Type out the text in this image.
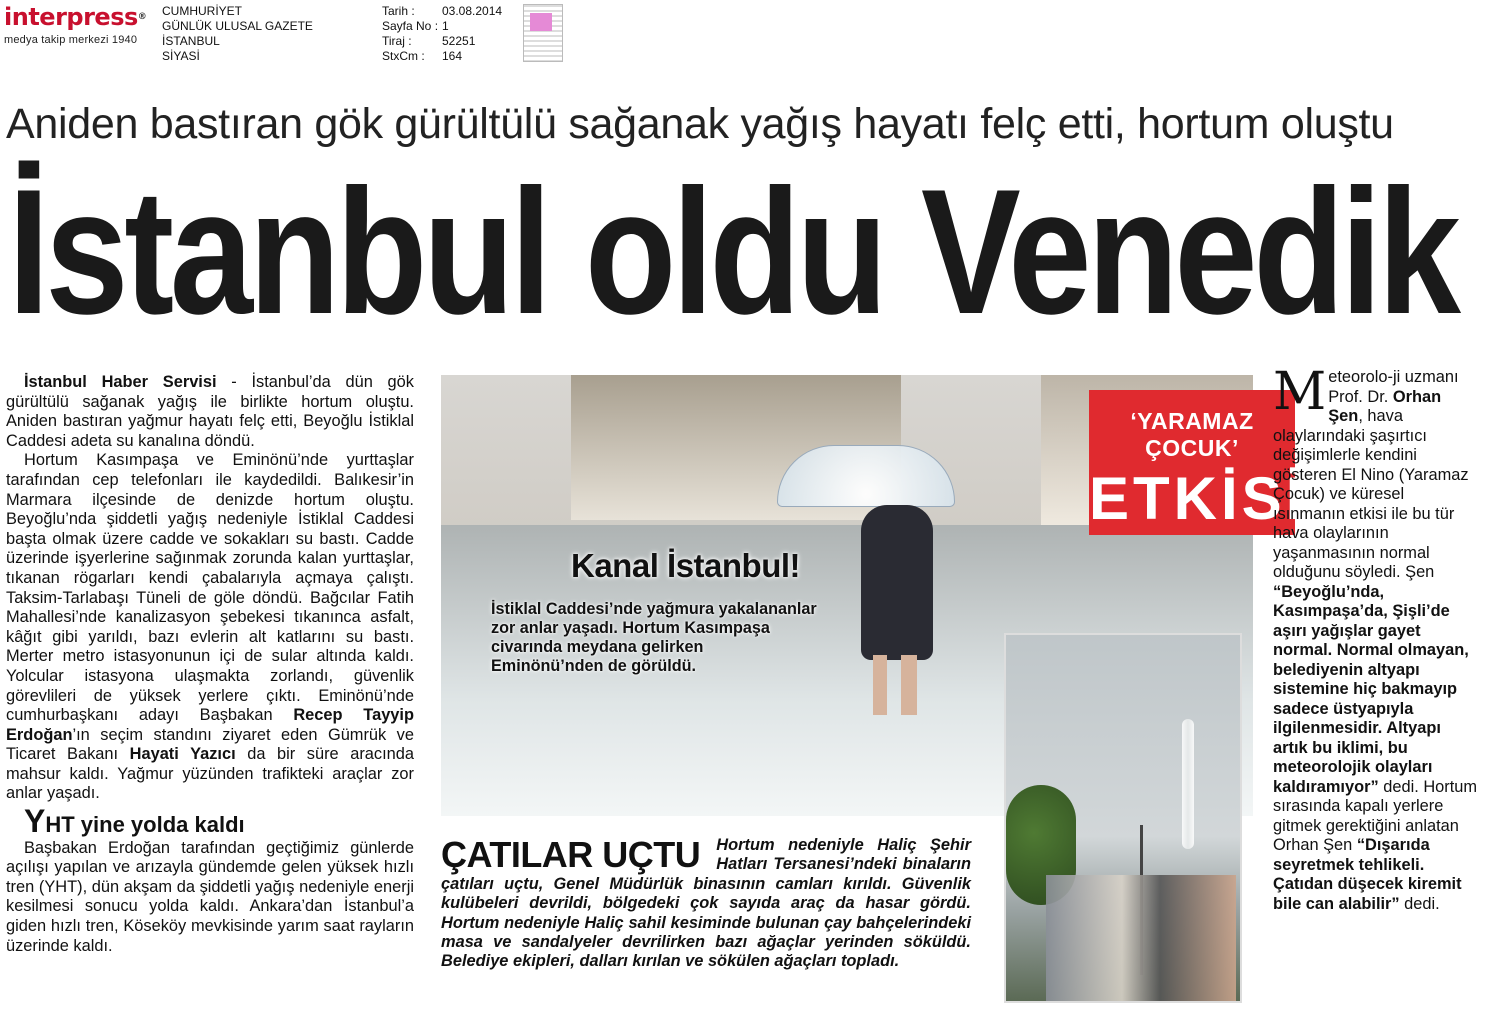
interpress®
medya takip merkezi 1940
CUMHURİYET
GÜNLÜK ULUSAL GAZETE
İSTANBUL
SİYASİ
Tarih :	03.08.2014
Sayfa No : 1
Tiraj :	52251
StxCm :	164
Aniden bastıran gök gürültülü sağanak yağış hayatı felç etti, hortum oluştu
İstanbul oldu Venedik

İstanbul Haber Servisi - İstanbul’da dün gök gürültülü sağanak yağış ile birlikte hortum oluştu. Aniden bastıran yağmur hayatı felç etti, Beyoğlu İstiklal Caddesi adeta su kanalına döndü.

Hortum Kasımpaşa ve Eminönü’nde yurttaşlar tarafından cep telefonları ile kaydedildi. Balıkesir’in Marmara ilçesinde de denizde hortum oluştu. Beyoğlu’nda şiddetli yağış nedeniyle İstiklal Caddesi başta olmak üzere cadde ve sokakları su bastı. Cadde üzerinde işyerlerine sağınmak zorunda kalan yurttaşlar, tıkanan rögarları kendi çabalarıyla açmaya çalıştı. Taksim-Tarlabaşı Tüneli de göle döndü. Bağcılar Fatih Mahallesi’nde kanalizasyon şebekesi tıkanınca asfalt, kâğıt gibi yarıldı, bazı evlerin alt katlarını su bastı. Merter metro istasyonunun içi de sular altında kaldı. Yolcular istasyona ulaşmakta zorlandı, güvenlik görevlileri de yüksek yerlere çıktı. Eminönü’nde cumhurbaşkanı adayı Başbakan Recep Tayyip Erdoğan’ın seçim standını ziyaret eden Gümrük ve Ticaret Bakanı Hayati Yazıcı da bir süre aracında mahsur kaldı. Yağmur yüzünden trafikteki araçlar zor anlar yaşadı.

YHT yine yolda kaldı

Başbakan Erdoğan tarafından geçtiğimiz günlerde açılışı yapılan ve arızayla gündemde gelen yüksek hızlı tren (YHT), dün akşam da şiddetli yağış nedeniyle enerji kesilmesi sonucu yolda kaldı. Ankara’dan İstanbul’a giden hızlı tren, Köseköy mevkisinde yarım saat rayların üzerinde kaldı.

Kanal İstanbul!
İstiklal Caddesi’nde yağmura yakalananlar zor anlar yaşadı. Hortum Kasımpaşa civarında meydana gelirken Eminönü’nden de görüldü.
‘YARAMAZ ÇOCUK’
ETKİSİ
ÇATILAR UÇTU Hortum nedeniyle Haliç Şehir Hatları Tersanesi’ndeki binaların çatıları uçtu, Genel Müdürlük binasının camları kırıldı. Güvenlik kulübeleri devrildi, bölgedeki çok sayıda araç da hasar gördü. Hortum nedeniyle Haliç sahil kesiminde bulunan çay bahçelerindeki masa ve sandalyeler devrilirken bazı ağaçlar yerinden söküldü. Belediye ekipleri, dalları kırılan ve sökülen ağaçları topladı.
Meteorolo-ji uzmanı Prof. Dr. Orhan Şen, hava olaylarındaki şaşırtıcı değişimlerle kendini gösteren El Nino (Yaramaz Çocuk) ve küresel ısınmanın etkisi ile bu tür hava olaylarının yaşanmasının normal olduğunu söyledi. Şen “Beyoğlu’nda, Kasımpaşa’da, Şişli’de aşırı yağışlar gayet normal. Normal olmayan, belediyenin altyapı sistemine hiç bakmayıp sadece üstyapıyla ilgilenmesidir. Altyapı artık bu iklimi, bu meteorolojik olayları kaldıramıyor” dedi. Hortum sırasında kapalı yerlere gitmek gerektiğini anlatan Orhan Şen “Dışarıda seyretmek tehlikeli. Çatıdan düşecek kiremit bile can alabilir” dedi.
